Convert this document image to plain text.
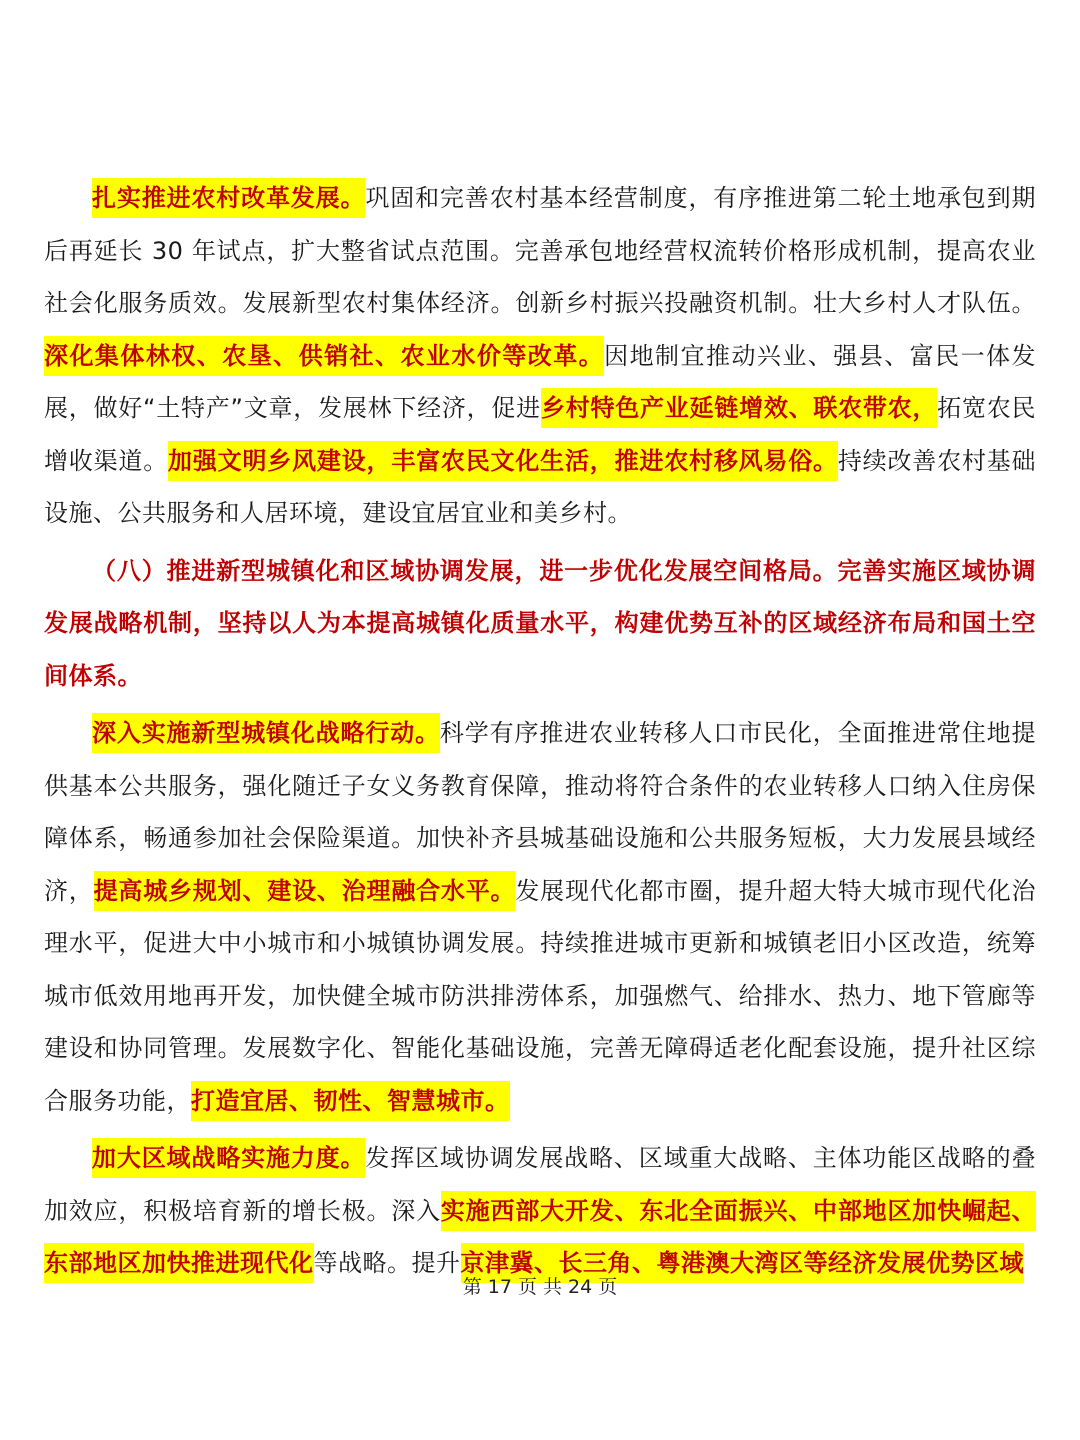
扎实推进农村改革发展。巩固和完善农村基本经营制度，有序推进第二轮土地承包到期后再延长 30 年试点，扩大整省试点范围。完善承包地经营权流转价格形成机制，提高农业社会化服务质效。发展新型农村集体经济。创新乡村振兴投融资机制。壮大乡村人才队伍。深化集体林权、农垦、供销社、农业水价等改革。因地制宜推动兴业、强县、富民一体发展，做好“土特产”文章，发展林下经济，促进乡村特色产业延链增效、联农带农，拓宽农民增收渠道。加强文明乡风建设，丰富农民文化生活，推进农村移风易俗。持续改善农村基础设施、公共服务和人居环境，建设宜居宜业和美乡村。

（八）推进新型城镇化和区域协调发展，进一步优化发展空间格局。完善实施区域协调发展战略机制，坚持以人为本提高城镇化质量水平，构建优势互补的区域经济布局和国土空间体系。

深入实施新型城镇化战略行动。科学有序推进农业转移人口市民化，全面推进常住地提供基本公共服务，强化随迁子女义务教育保障，推动将符合条件的农业转移人口纳入住房保障体系，畅通参加社会保险渠道。加快补齐县城基础设施和公共服务短板，大力发展县域经济，提高城乡规划、建设、治理融合水平。发展现代化都市圈，提升超大特大城市现代化治理水平，促进大中小城市和小城镇协调发展。持续推进城市更新和城镇老旧小区改造，统筹城市低效用地再开发，加快健全城市防洪排涝体系，加强燃气、给排水、热力、地下管廊等建设和协同管理。发展数字化、智能化基础设施，完善无障碍适老化配套设施，提升社区综合服务功能，打造宜居、韧性、智慧城市。

加大区域战略实施力度。发挥区域协调发展战略、区域重大战略、主体功能区战略的叠加效应，积极培育新的增长极。深入实施西部大开发、东北全面振兴、中部地区加快崛起、东部地区加快推进现代化等战略。提升京津冀、长三角、粤港澳大湾区等经济发展优势区域

第 17 页 共 24 页
